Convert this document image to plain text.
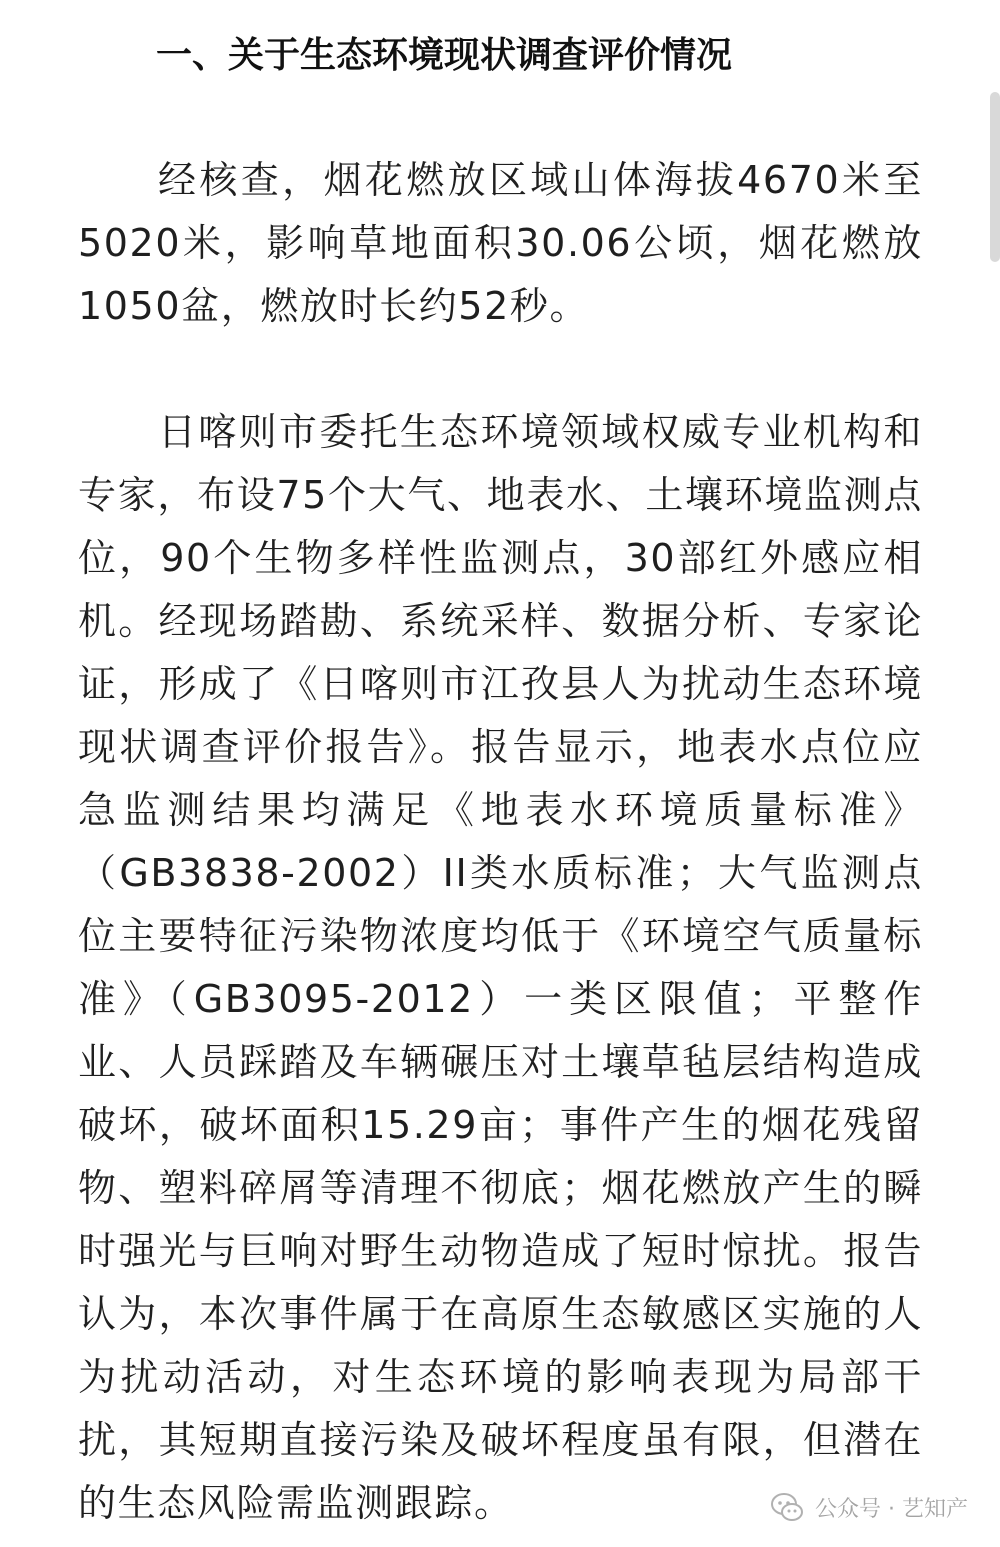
一、关于生态环境现状调查评价情况

经核查，烟花燃放区域山体海拔4670米至5020米，影响草地面积30.06公顷，烟花燃放1050盆，燃放时长约52秒。

日喀则市委托生态环境领域权威专业机构和专家，布设75个大气、地表水、土壤环境监测点位，90个生物多样性监测点，30部红外感应相机。经现场踏勘、系统采样、数据分析、专家论证，形成了《日喀则市江孜县人为扰动生态环境现状调查评价报告》。报告显示，地表水点位应急监测结果均满足《地表水环境质量标准》（GB3838-2002）II类水质标准；大气监测点位主要特征污染物浓度均低于《环境空气质量标准》（GB3095-2012）一类区限值；平整作业、人员踩踏及车辆碾压对土壤草毡层结构造成破坏，破坏面积15.29亩；事件产生的烟花残留物、塑料碎屑等清理不彻底；烟花燃放产生的瞬时强光与巨响对野生动物造成了短时惊扰。报告认为，本次事件属于在高原生态敏感区实施的人为扰动活动，对生态环境的影响表现为局部干扰，其短期直接污染及破坏程度虽有限，但潜在的生态风险需监测跟踪。	公众号 · 艺知产
